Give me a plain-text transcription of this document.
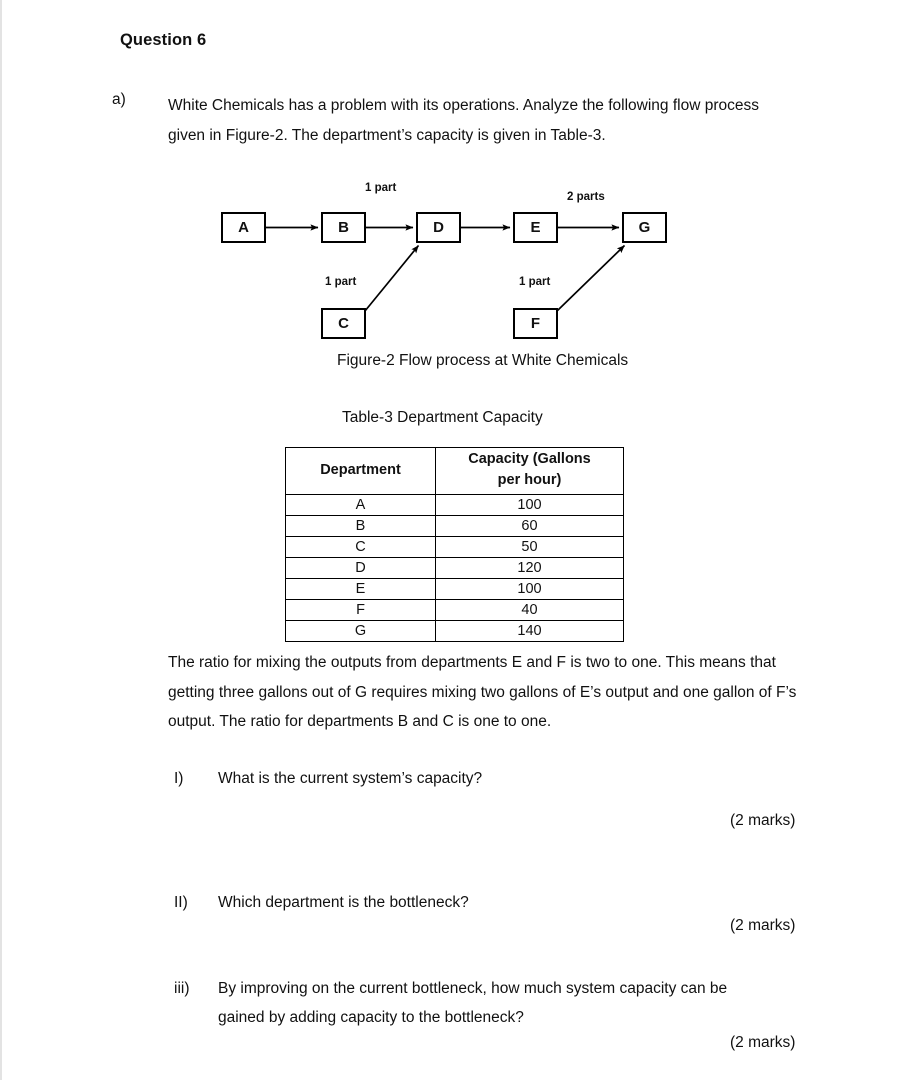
Question 6
a)	White Chemicals has a problem with its operations. Analyze the following flow process given in Figure-2. The department’s capacity is given in Table-3.
A	B
C
D	E
F
G
1 part
2 parts
1 part	1 part
Figure-2 Flow process at White Chemicals
Table-3 Department Capacity
Department	Capacity (Gallons
per hour)
A	100
B	60
C	50
D	120
E	100
F	40
G	140
The ratio for mixing the outputs from departments E and F is two to one. This means that getting three gallons out of G requires mixing two gallons of E’s output and one gallon of F’s output. The ratio for departments B and C is one to one.
I)	What is the current system’s capacity?
(2 marks)
II)	Which department is the bottleneck?
(2 marks)
iii)	By improving on the current bottleneck, how much system capacity can be gained by adding capacity to the bottleneck?
(2 marks)
